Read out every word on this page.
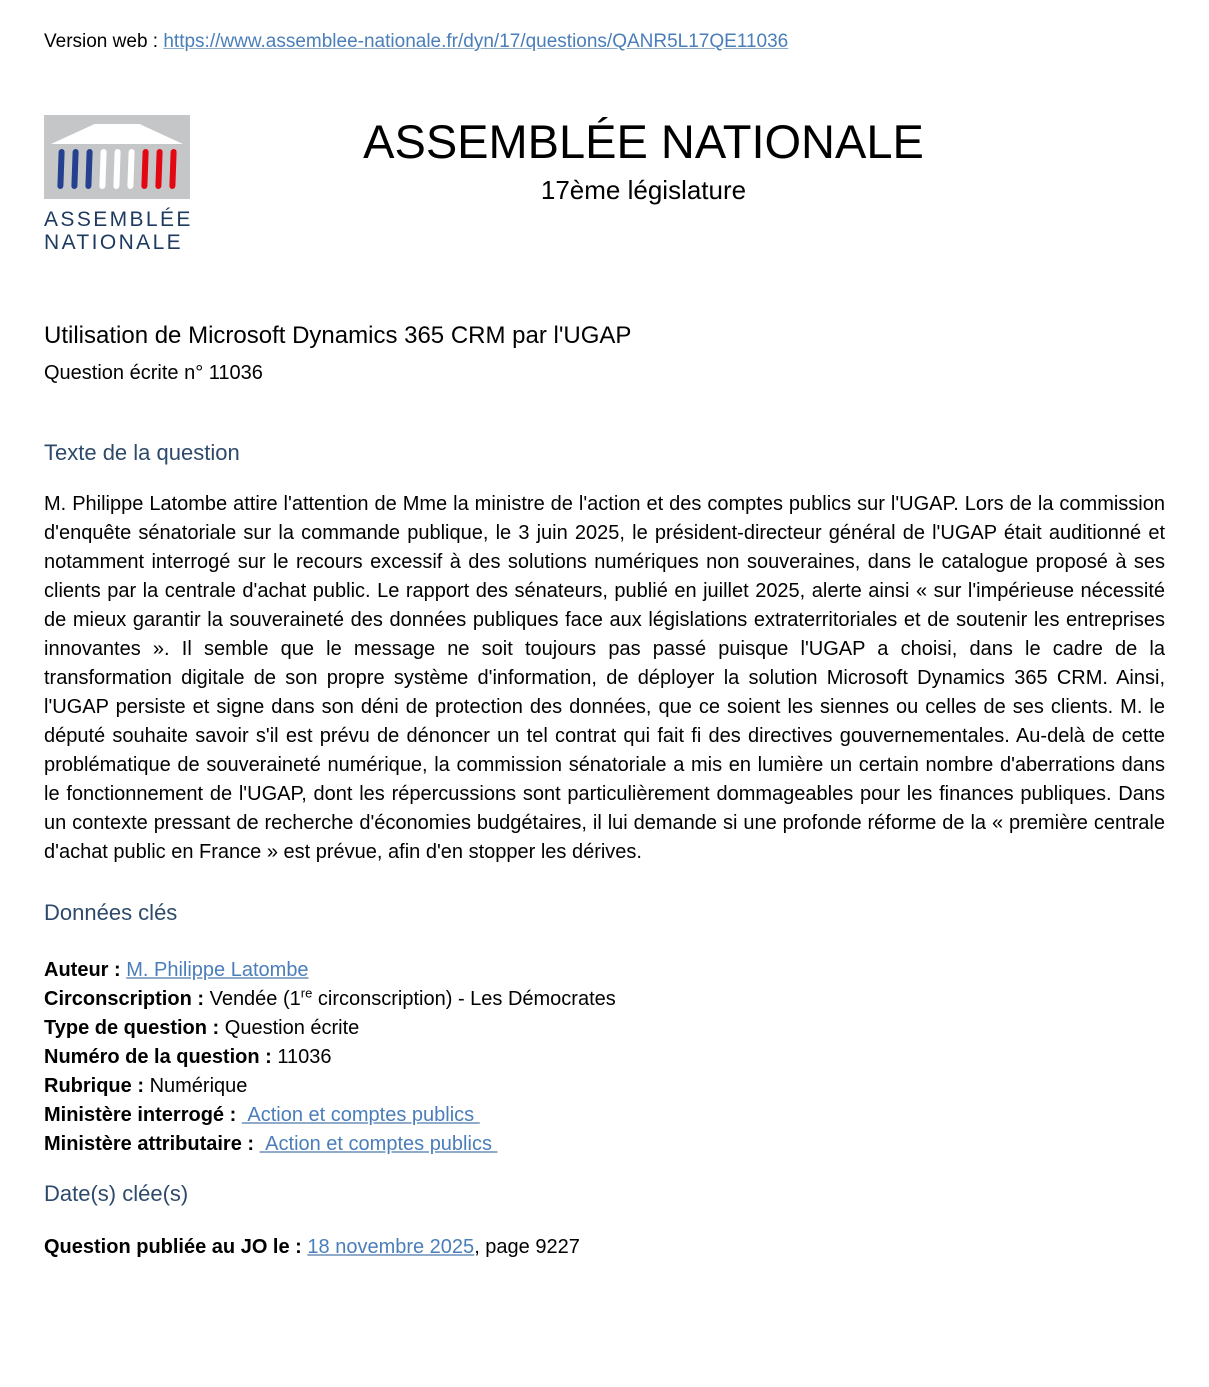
Version web : https://www.assemblee-nationale.fr/dyn/17/questions/QANR5L17QE11036
ASSEMBLÉE
NATIONALE
ASSEMBLÉE NATIONALE
17ème législature
Utilisation de Microsoft Dynamics 365 CRM par l'UGAP
Question écrite n° 11036
Texte de la question

M. Philippe Latombe attire l'attention de Mme la ministre de l'action et des comptes publics sur l'UGAP. Lors de la commission d'enquête sénatoriale sur la commande publique, le 3 juin 2025, le président-directeur général de l'UGAP était auditionné et notamment interrogé sur le recours excessif à des solutions numériques non souveraines, dans le catalogue proposé à ses clients par la centrale d'achat public. Le rapport des sénateurs, publié en juillet 2025, alerte ainsi « sur l'impérieuse nécessité de mieux garantir la souveraineté des données publiques face aux législations extraterritoriales et de soutenir les entreprises innovantes ». Il semble que le message ne soit toujours pas passé puisque l'UGAP a choisi, dans le cadre de la transformation digitale de son propre système d'information, de déployer la solution Microsoft Dynamics 365 CRM. Ainsi, l'UGAP persiste et signe dans son déni de protection des données, que ce soient les siennes ou celles de ses clients. M. le député souhaite savoir s'il est prévu de dénoncer un tel contrat qui fait fi des directives gouvernementales. Au-delà de cette problématique de souveraineté numérique, la commission sénatoriale a mis en lumière un certain nombre d'aberrations dans le fonctionnement de l'UGAP, dont les répercussions sont particulièrement dommageables pour les finances publiques. Dans un contexte pressant de recherche d'économies budgétaires, il lui demande si une profonde réforme de la « première centrale d'achat public en France » est prévue, afin d'en stopper les dérives.

Données clés
Auteur : M. Philippe Latombe
Circonscription : Vendée (1re circonscription) - Les Démocrates
Type de question : Question écrite
Numéro de la question : 11036
Rubrique : Numérique
Ministère interrogé :  Action et comptes publics
Ministère attributaire :  Action et comptes publics
Date(s) clée(s)
Question publiée au JO le : 18 novembre 2025, page 9227
